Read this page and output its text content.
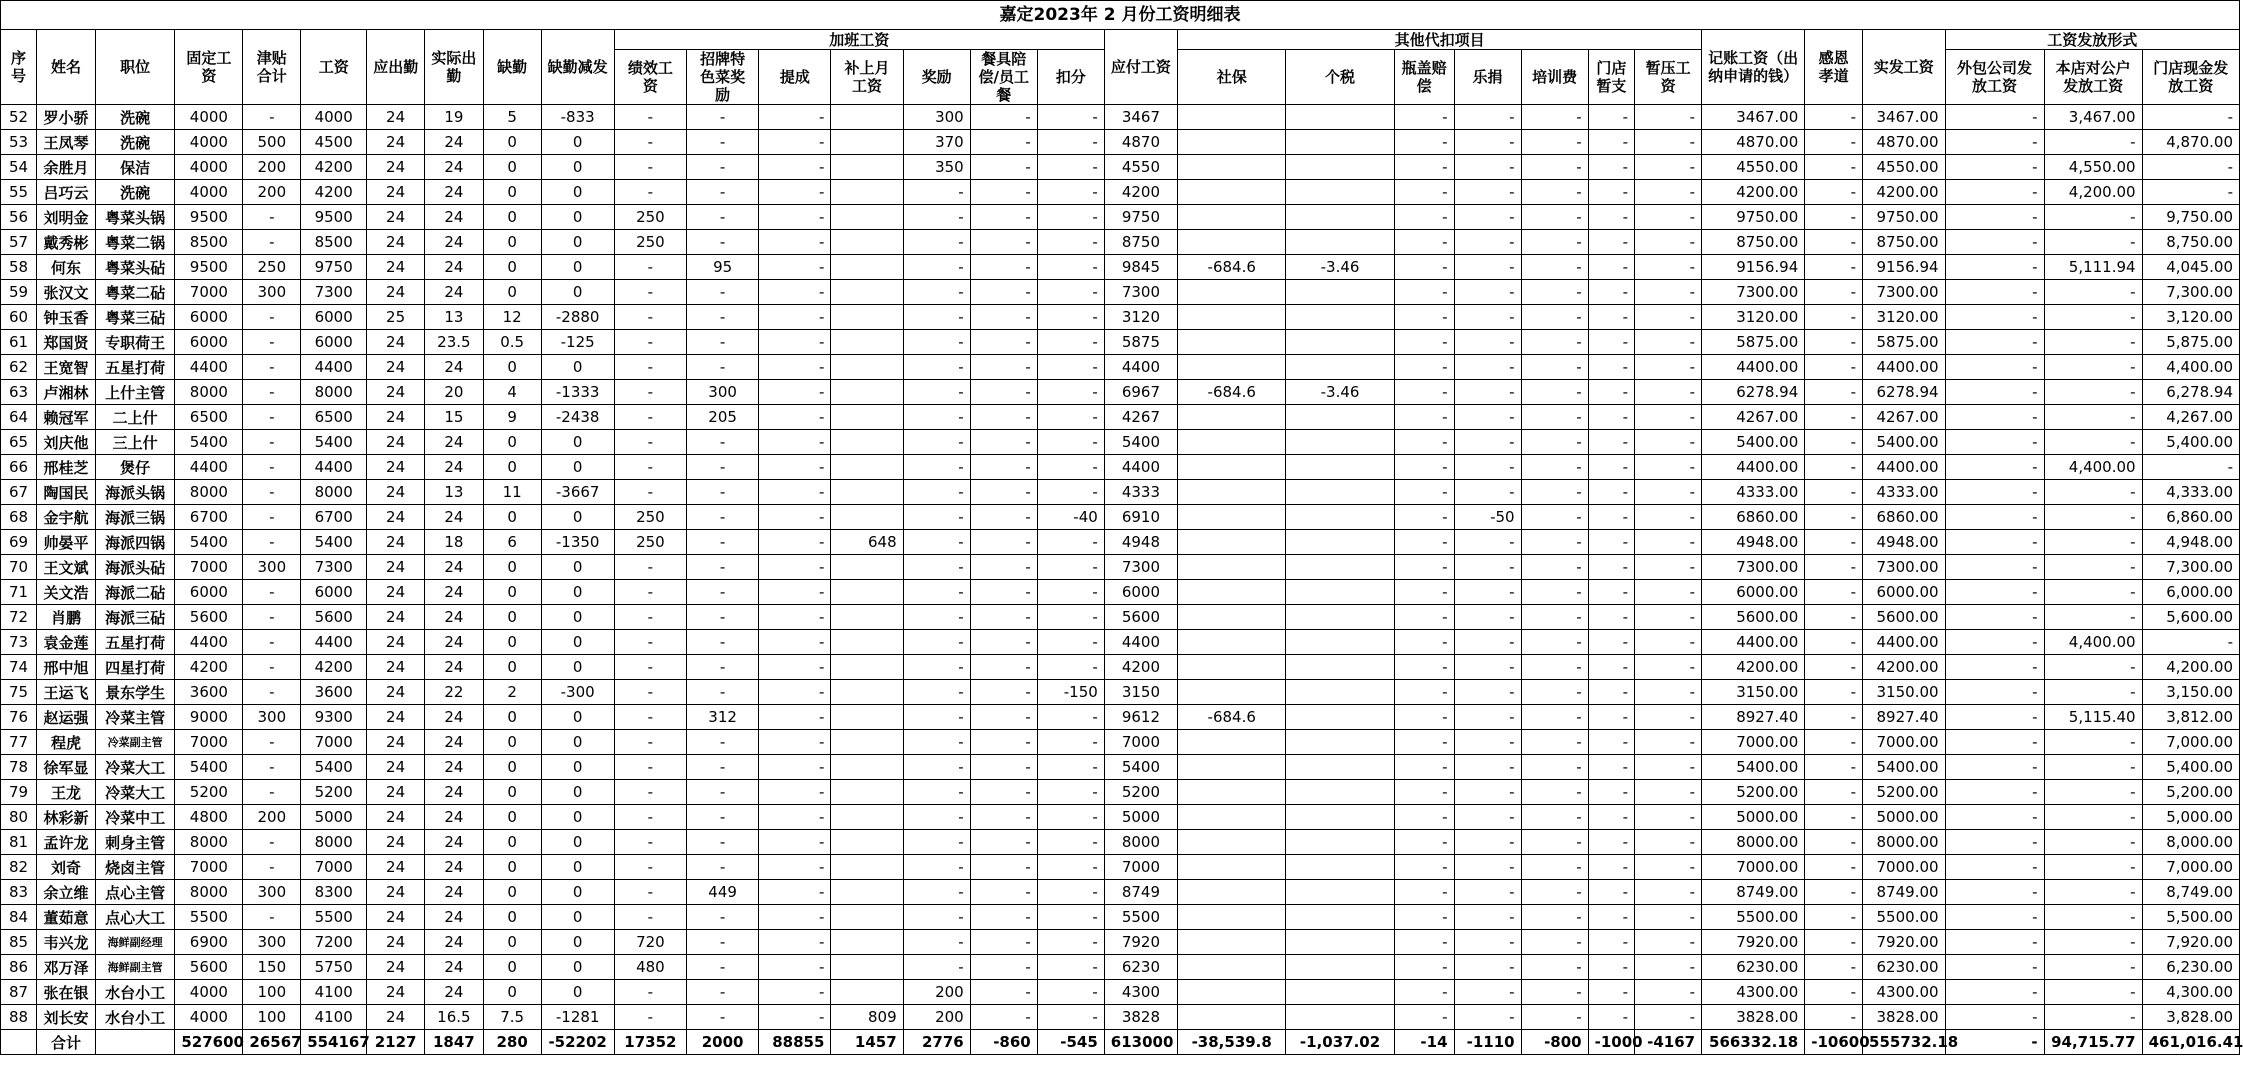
嘉定2023年 2 月份工资明细表																														
序号	姓名	职位	固定工资	津贴合计	工资	应出勤	实际出勤	缺勤	缺勤减发	加班工资							应付工资	其他代扣项目							记账工资（出纳申请的钱）	感恩孝道	实发工资	工资发放形式		
										绩效工资	招牌特色菜奖励	提成	补上月工资	奖励	餐具陪偿/员工餐	扣分		社保	个税	瓶盖赔偿	乐捐	培训费	门店暂支	暂压工资				外包公司发放工资	本店对公户发放工资	门店现金发放工资
52	罗小骄	洗碗	4000	-	4000	24	19	5	-833	-	-	-		300	-	-	3467			-	-	-	-	-	3467.00	-	3467.00	-	3,467.00	-
53	王凤琴	洗碗	4000	500	4500	24	24	0	0	-	-	-		370	-	-	4870			-	-	-	-	-	4870.00	-	4870.00	-	-	4,870.00
54	余胜月	保洁	4000	200	4200	24	24	0	0	-	-	-		350	-	-	4550			-	-	-	-	-	4550.00	-	4550.00	-	4,550.00	-
55	吕巧云	洗碗	4000	200	4200	24	24	0	0	-	-	-		-	-	-	4200			-	-	-	-	-	4200.00	-	4200.00	-	4,200.00	-
56	刘明金	粤菜头锅	9500	-	9500	24	24	0	0	250	-	-		-	-	-	9750			-	-	-	-	-	9750.00	-	9750.00	-	-	9,750.00
57	戴秀彬	粤菜二锅	8500	-	8500	24	24	0	0	250	-	-		-	-	-	8750			-	-	-	-	-	8750.00	-	8750.00	-	-	8,750.00
58	何东	粤菜头砧	9500	250	9750	24	24	0	0	-	95	-		-	-	-	9845	-684.6	-3.46	-	-	-	-	-	9156.94	-	9156.94	-	5,111.94	4,045.00
59	张汉文	粤菜二砧	7000	300	7300	24	24	0	0	-	-	-		-	-	-	7300			-	-	-	-	-	7300.00	-	7300.00	-	-	7,300.00
60	钟玉香	粤菜三砧	6000	-	6000	25	13	12	-2880	-	-	-		-	-	-	3120			-	-	-	-	-	3120.00	-	3120.00	-	-	3,120.00
61	郑国贤	专职荷王	6000	-	6000	24	23.5	0.5	-125	-	-	-		-	-	-	5875			-	-	-	-	-	5875.00	-	5875.00	-	-	5,875.00
62	王宽智	五星打荷	4400	-	4400	24	24	0	0	-	-	-		-	-	-	4400			-	-	-	-	-	4400.00	-	4400.00	-	-	4,400.00
63	卢湘林	上什主管	8000	-	8000	24	20	4	-1333	-	300	-		-	-	-	6967	-684.6	-3.46	-	-	-	-	-	6278.94	-	6278.94	-	-	6,278.94
64	赖冠军	二上什	6500	-	6500	24	15	9	-2438	-	205	-		-	-	-	4267			-	-	-	-	-	4267.00	-	4267.00	-	-	4,267.00
65	刘庆他	三上什	5400	-	5400	24	24	0	0	-	-	-		-	-	-	5400			-	-	-	-	-	5400.00	-	5400.00	-	-	5,400.00
66	邢桂芝	煲仔	4400	-	4400	24	24	0	0	-	-	-		-	-	-	4400			-	-	-	-	-	4400.00	-	4400.00	-	4,400.00	-
67	陶国民	海派头锅	8000	-	8000	24	13	11	-3667	-	-	-		-	-	-	4333			-	-	-	-	-	4333.00	-	4333.00	-	-	4,333.00
68	金宇航	海派三锅	6700	-	6700	24	24	0	0	250	-	-		-	-	-40	6910			-	-50	-	-	-	6860.00	-	6860.00	-	-	6,860.00
69	帅晏平	海派四锅	5400	-	5400	24	18	6	-1350	250	-	-	648	-	-	-	4948			-	-	-	-	-	4948.00	-	4948.00	-	-	4,948.00
70	王文斌	海派头砧	7000	300	7300	24	24	0	0	-	-	-		-	-	-	7300			-	-	-	-	-	7300.00	-	7300.00	-	-	7,300.00
71	关文浩	海派二砧	6000	-	6000	24	24	0	0	-	-	-		-	-	-	6000			-	-	-	-	-	6000.00	-	6000.00	-	-	6,000.00
72	肖鹏	海派三砧	5600	-	5600	24	24	0	0	-	-	-		-	-	-	5600			-	-	-	-	-	5600.00	-	5600.00	-	-	5,600.00
73	袁金莲	五星打荷	4400	-	4400	24	24	0	0	-	-	-		-	-	-	4400			-	-	-	-	-	4400.00	-	4400.00	-	4,400.00	-
74	邢中旭	四星打荷	4200	-	4200	24	24	0	0	-	-	-		-	-	-	4200			-	-	-	-	-	4200.00	-	4200.00	-	-	4,200.00
75	王运飞	景东学生	3600	-	3600	24	22	2	-300	-	-	-		-	-	-150	3150			-	-	-	-	-	3150.00	-	3150.00	-	-	3,150.00
76	赵运强	冷菜主管	9000	300	9300	24	24	0	0	-	312	-		-	-	-	9612	-684.6		-	-	-	-	-	8927.40	-	8927.40	-	5,115.40	3,812.00
77	程虎	冷菜副主管	7000	-	7000	24	24	0	0	-	-	-		-	-	-	7000			-	-	-	-	-	7000.00	-	7000.00	-	-	7,000.00
78	徐军显	冷菜大工	5400	-	5400	24	24	0	0	-	-	-		-	-	-	5400			-	-	-	-	-	5400.00	-	5400.00	-	-	5,400.00
79	王龙	冷菜大工	5200	-	5200	24	24	0	0	-	-	-		-	-	-	5200			-	-	-	-	-	5200.00	-	5200.00	-	-	5,200.00
80	林彩新	冷菜中工	4800	200	5000	24	24	0	0	-	-	-		-	-	-	5000			-	-	-	-	-	5000.00	-	5000.00	-	-	5,000.00
81	孟许龙	刺身主管	8000	-	8000	24	24	0	0	-	-	-		-	-	-	8000			-	-	-	-	-	8000.00	-	8000.00	-	-	8,000.00
82	刘奇	烧卤主管	7000	-	7000	24	24	0	0	-	-	-		-	-	-	7000			-	-	-	-	-	7000.00	-	7000.00	-	-	7,000.00
83	余立维	点心主管	8000	300	8300	24	24	0	0	-	449	-		-	-	-	8749			-	-	-	-	-	8749.00	-	8749.00	-	-	8,749.00
84	董茹意	点心大工	5500	-	5500	24	24	0	0	-	-	-		-	-	-	5500			-	-	-	-	-	5500.00	-	5500.00	-	-	5,500.00
85	韦兴龙	海鲜副经理	6900	300	7200	24	24	0	0	720	-	-		-	-	-	7920			-	-	-	-	-	7920.00	-	7920.00	-	-	7,920.00
86	邓万泽	海鲜副主管	5600	150	5750	24	24	0	0	480	-	-		-	-	-	6230			-	-	-	-	-	6230.00	-	6230.00	-	-	6,230.00
87	张在银	水台小工	4000	100	4100	24	24	0	0	-	-	-		200	-	-	4300			-	-	-	-	-	4300.00	-	4300.00	-	-	4,300.00
88	刘长安	水台小工	4000	100	4100	24	16.5	7.5	-1281	-	-	-	809	200	-	-	3828			-	-	-	-	-	3828.00	-	3828.00	-	-	3,828.00
	合计		527600	26567	554167	2127	1847	280	-52202	17352	2000	88855	1457	2776	-860	-545	613000	-38,539.8	-1,037.02	-14	-1110	-800	-1000	-4167	566332.18	-10600	555732.18	-	94,715.77	461,016.41
